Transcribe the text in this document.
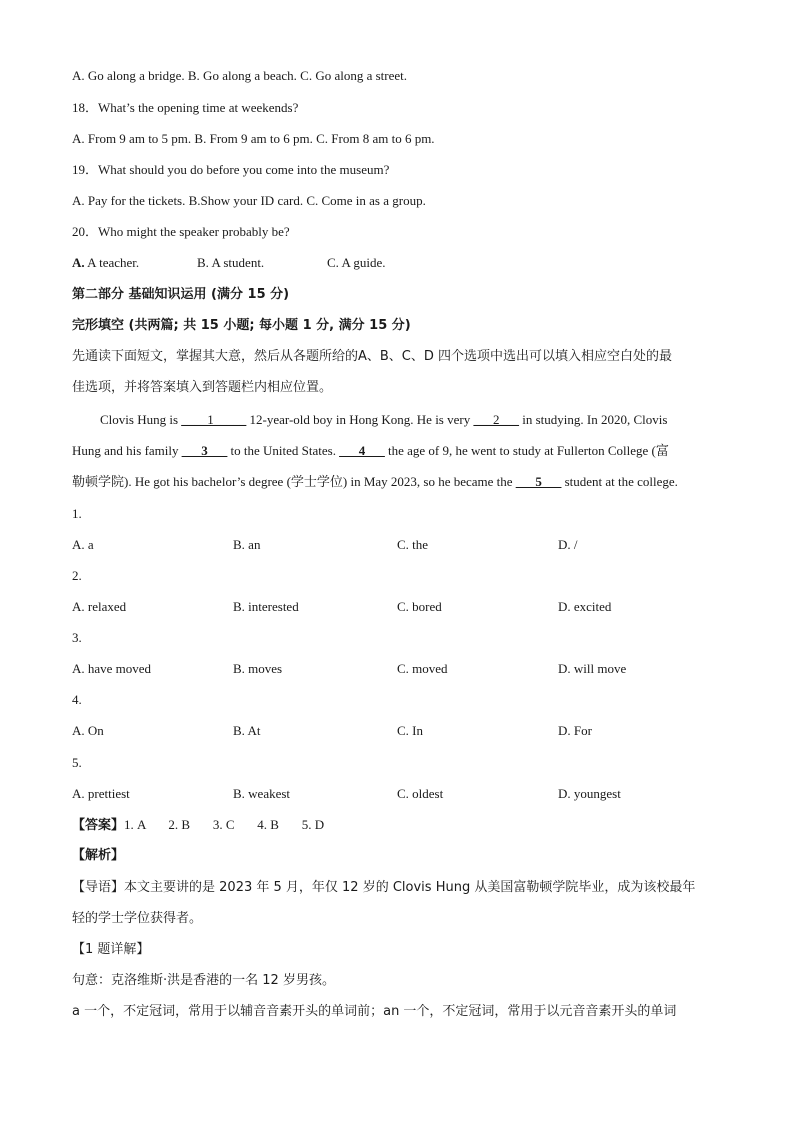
A. Go along a bridge. B. Go along a beach. C. Go along a street.
18．What’s the opening time at weekends?
A. From 9 am to 5 pm. B. From 9 am to 6 pm. C. From 8 am to 6 pm.
19．What should you do before you come into the museum?
A. Pay for the tickets. B.Show your ID card. C. Come in as a group.
20．Who might the speaker probably be?
A. A teacher.	B. A student.	C. A guide.
第二部分 基础知识运用 (满分 15 分)
完形填空 (共两篇; 共 15 小题; 每小题 1 分, 满分 15 分)
先通读下面短文，掌握其大意，然后从各题所给的A、B、C、D 四个选项中选出可以填入相应空白处的最
佳选项，并将答案填入到答题栏内相应位置。
Clovis Hung is ____1_____ 12-year-old boy in Hong Kong. He is very ___2___ in studying. In 2020, Clovis
Hung and his family ___3___ to the United States. ___4___ the age of 9, he went to study at Fullerton College (富
勒顿学院). He got his bachelor’s degree (学士学位) in May 2023, so he became the ___5___ student at the college.
1.
A. a	B. an	C. the	D. /
2.
A. relaxed	B. interested	C. bored	D. excited
3.
A. have moved	B. moves	C. moved	D. will move
4.
A. On	B. At	C. In	D. For
5.
A. prettiest	B. weakest	C. oldest	D. youngest
【答案】1. A       2. B       3. C       4. B       5. D
【解析】
【导语】本文主要讲的是 2023 年 5 月，年仅 12 岁的 Clovis Hung 从美国富勒顿学院毕业，成为该校最年
轻的学士学位获得者。
【1 题详解】
句意：克洛维斯·洪是香港的一名 12 岁男孩。
a 一个，不定冠词，常用于以辅音音素开头的单词前；an 一个，不定冠词，常用于以元音音素开头的单词
